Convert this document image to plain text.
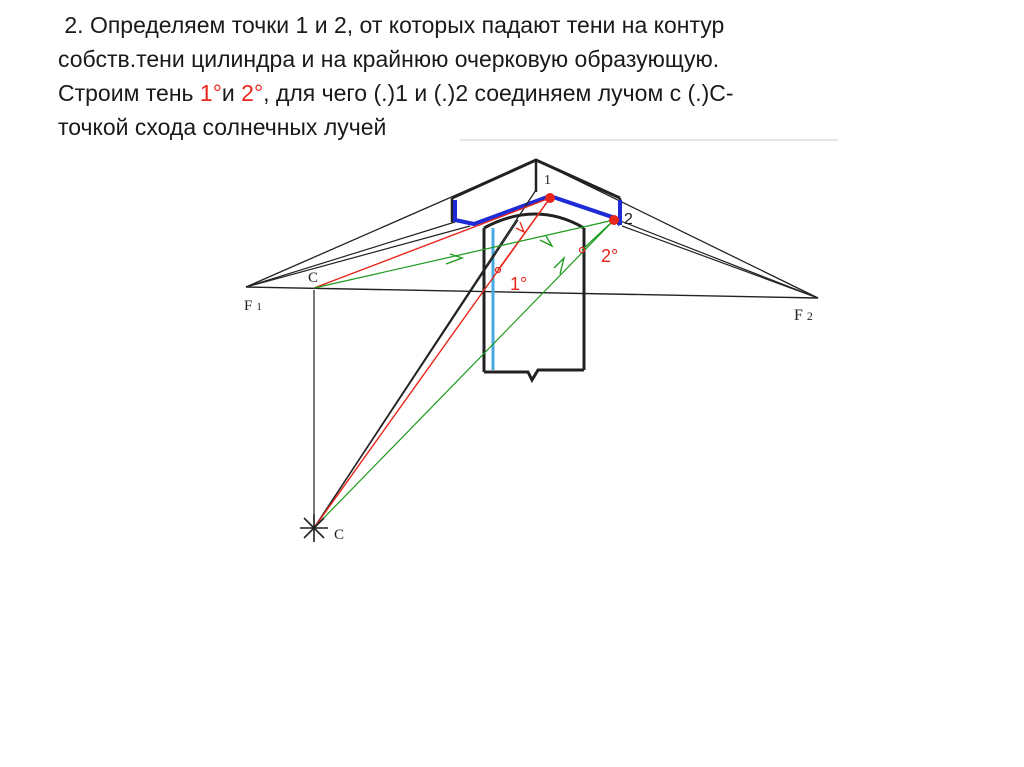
2. Определяем точки 1 и 2, от которых падают тени на контур
собств.тени цилиндра и на крайнюю очерковую образующую.
Строим тень 1°и 2°, для чего (.)1 и (.)2 соединяем лучом с (.)С-
точкой схода солнечных лучей
C
C
F 1	F 2
1
2
1°
2°
